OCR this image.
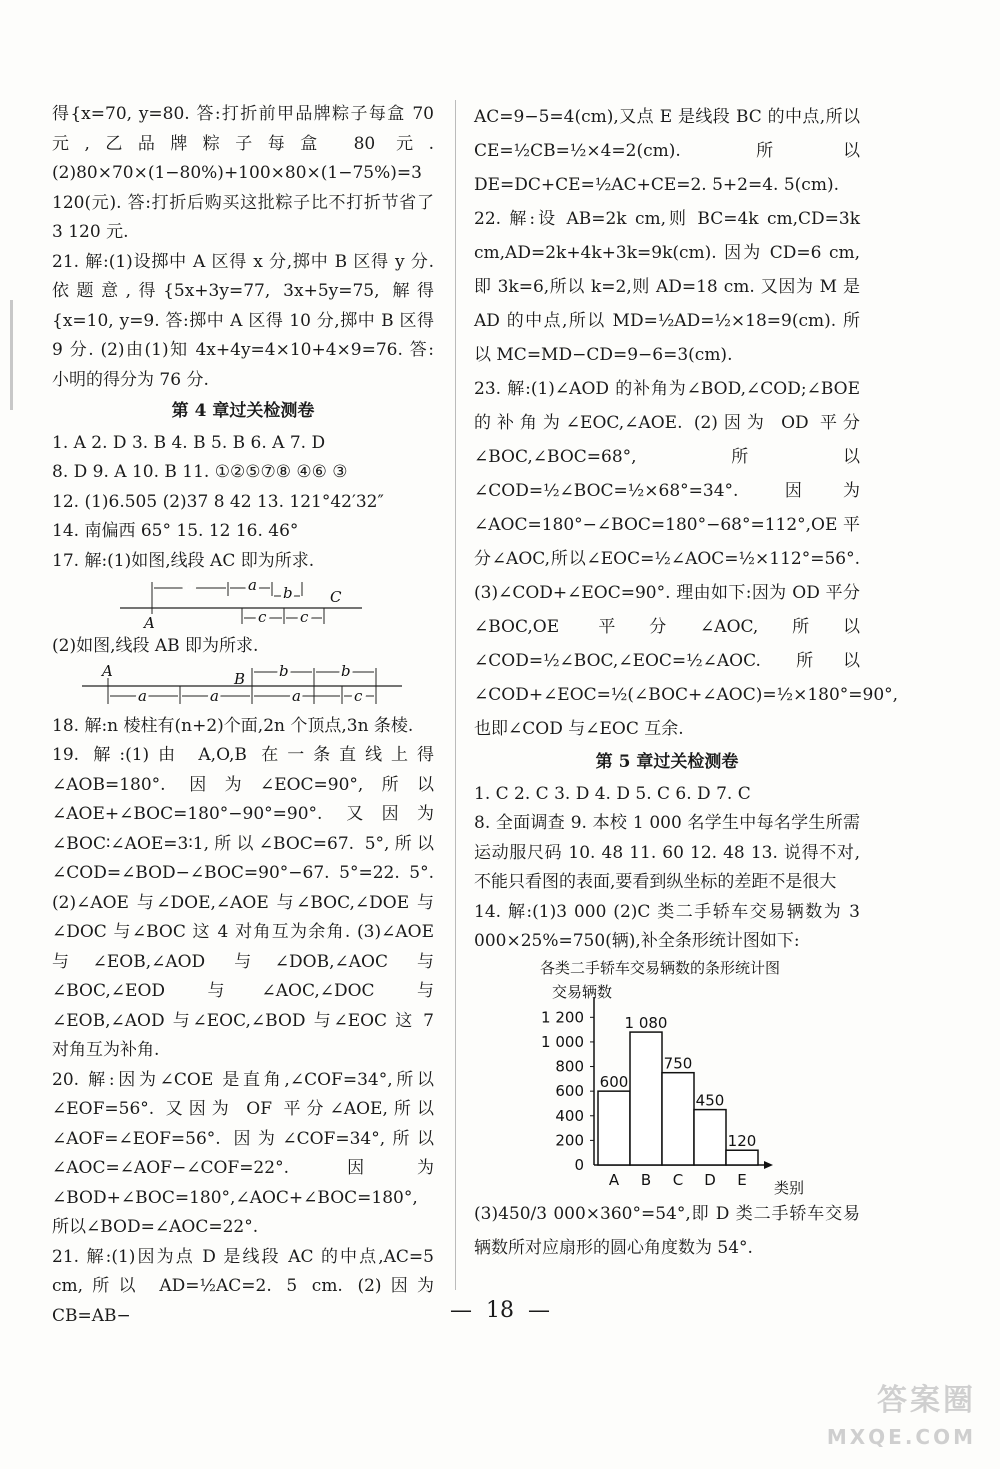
得{x=70, y=80. 答:打折前甲品牌粽子每盒 70 元,乙品牌粽子每盒 80 元. (2)80×70×(1−80%)+100×80×(1−75%)=3 120(元). 答:打折后购买这批粽子比不打折节省了 3 120 元.

21. 解:(1)设掷中 A 区得 x 分,掷中 B 区得 y 分. 依题意,得{5x+3y=77, 3x+5y=75, 解得{x=10, y=9. 答:掷中 A 区得 10 分,掷中 B 区得 9 分. (2)由(1)知 4x+4y=4×10+4×9=76. 答:小明的得分为 76 分.

第 4 章过关检测卷
1. A 2. D 3. B 4. B 5. B 6. A 7. D
8. D 9. A 10. B 11. ①②⑤⑦⑧ ④⑥ ③
12. (1)6.505 (2)37 8 42 13. 121°42′32″
14. 南偏西 65° 15. 12 16. 46°
17. 解:(1)如图,线段 AC 即为所求.
a	a b
c c
A
C
(2)如图,线段 AB 即为所求.
A	B b	b
a	a	a	c

18. 解:n 棱柱有(n+2)个面,2n 个顶点,3n 条棱.

19. 解:(1)由 A,O,B 在一条直线上得∠AOB=180°. 因为∠EOC=90°,所以∠AOE+∠BOC=180°−90°=90°. 又因为∠BOC∶∠AOE=3∶1,所以∠BOC=67. 5°,所以∠COD=∠BOD−∠BOC=90°−67. 5°=22. 5°. (2)∠AOE 与∠DOE,∠AOE 与∠BOC,∠DOE 与∠DOC 与∠BOC 这 4 对角互为余角. (3)∠AOE 与∠EOB,∠AOD 与∠DOB,∠AOC 与∠BOC,∠EOD 与∠AOC,∠DOC 与∠EOB,∠AOD 与∠EOC,∠BOD 与∠EOC 这 7 对角互为补角.

20. 解:因为∠COE 是直角,∠COF=34°,所以∠EOF=56°. 又因为 OF 平分∠AOE,所以∠AOF=∠EOF=56°. 因为∠COF=34°,所以∠AOC=∠AOF−∠COF=22°. 因为∠BOD+∠BOC=180°,∠AOC+∠BOC=180°,所以∠BOD=∠AOC=22°.

21. 解:(1)因为点 D 是线段 AC 的中点,AC=5 cm,所以 AD=½AC=2. 5 cm. (2)因为 CB=AB−

AC=9−5=4(cm),又点 E 是线段 BC 的中点,所以 CE=½CB=½×4=2(cm). 所以 DE=DC+CE=½AC+CE=2. 5+2=4. 5(cm).

22. 解:设 AB=2k cm,则 BC=4k cm,CD=3k cm,AD=2k+4k+3k=9k(cm). 因为 CD=6 cm,即 3k=6,所以 k=2,则 AD=18 cm. 又因为 M 是 AD 的中点,所以 MD=½AD=½×18=9(cm). 所以 MC=MD−CD=9−6=3(cm).

23. 解:(1)∠AOD 的补角为∠BOD,∠COD;∠BOE 的补角为∠EOC,∠AOE. (2)因为 OD 平分∠BOC,∠BOC=68°,所以∠COD=½∠BOC=½×68°=34°. 因为∠AOC=180°−∠BOC=180°−68°=112°,OE 平分∠AOC,所以∠EOC=½∠AOC=½×112°=56°. (3)∠COD+∠EOC=90°. 理由如下:因为 OD 平分∠BOC,OE 平分∠AOC,所以∠COD=½∠BOC,∠EOC=½∠AOC. 所以∠COD+∠EOC=½(∠BOC+∠AOC)=½×180°=90°,也即∠COD 与∠EOC 互余.

第 5 章过关检测卷
1. C 2. C 3. D 4. D 5. C 6. D 7. C

8. 全面调查 9. 本校 1 000 名学生中每名学生所需运动服尺码 10. 48 11. 60 12. 48 13. 说得不对,不能只看图的表面,要看到纵坐标的差距不是很大

14. 解:(1)3 000 (2)C 类二手轿车交易辆数为 3 000×25%=750(辆),补全条形统计图如下:

各类二手轿车交易辆数的条形统计图
交易辆数
类别
0
200
400
600
800
1 000
1 200
600
A
1 080
B
750
C
450
D
120
E

(3)450/3 000×360°=54°,即 D 类二手轿车交易辆数所对应扇形的圆心角度数为 54°.

—  18  —
答案圈
MXQE.COM
